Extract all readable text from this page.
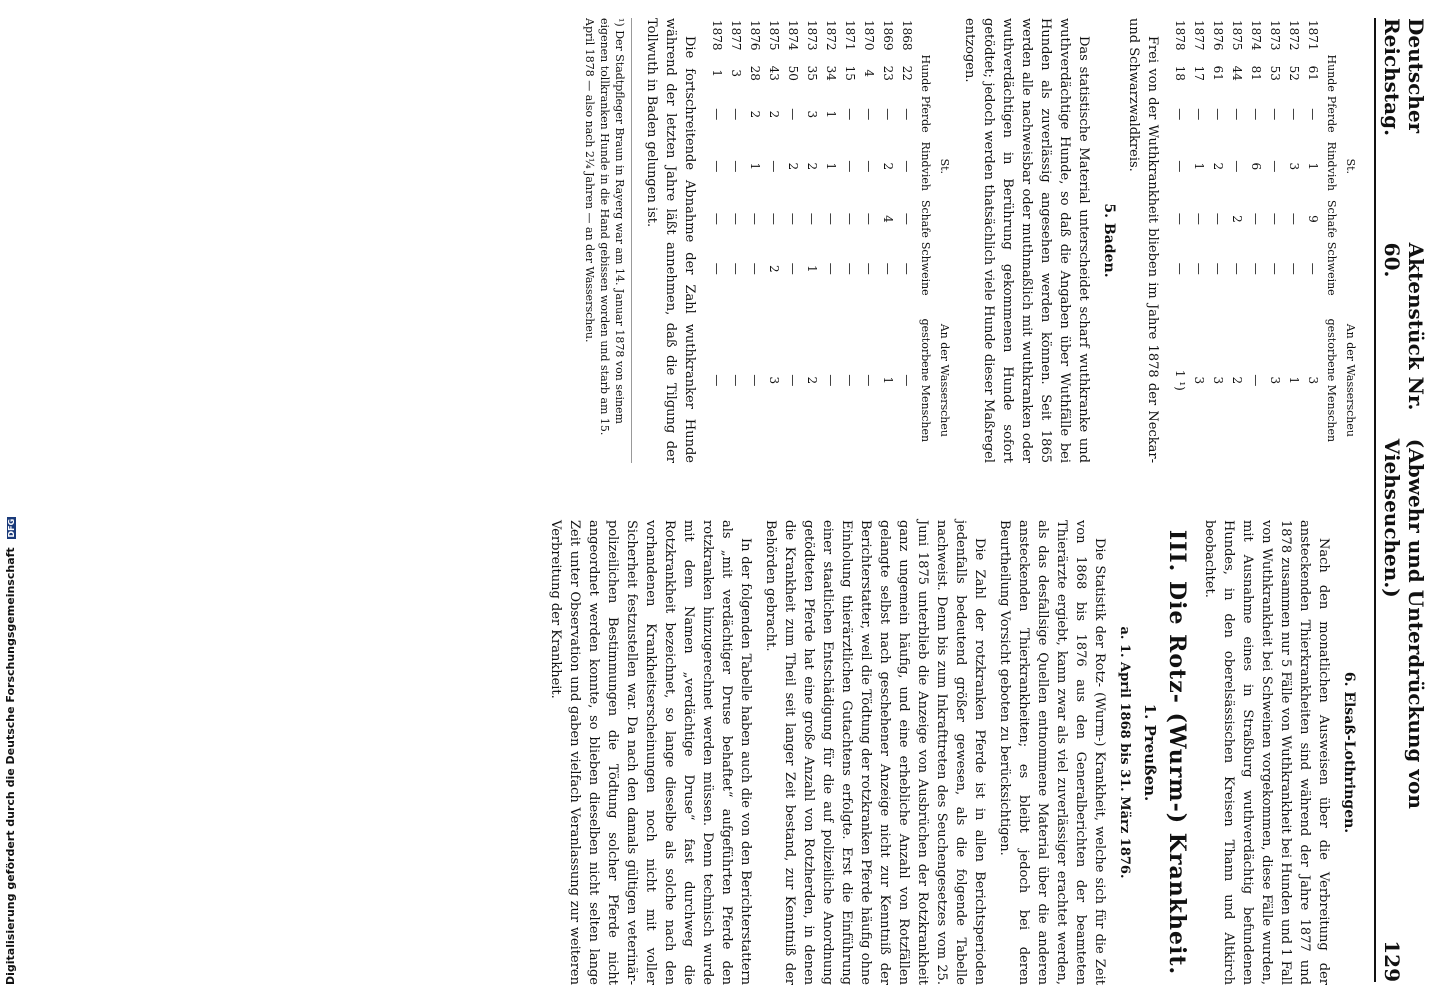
Digitalisierung gefördert durch die Deutsche Forschungsgemeinschaft DFG
Deutscher Reichstag.
Aktenstück Nr. 60.
(Abwehr und Unterdrückung von Viehseuchen.)
129
	Hunde	Pferde	St. Rindvieh	Schafe	Schweine	An der Wasserscheu gestorbene Menschen
1871	61	—	1	9	—	3
1872	52	—	3	—	—	1
1873	53	—	—	—	—	3
1874	81	—	6	—	—	—
1875	44	—	—	2	—	2
1876	61	—	2	—	—	3
1877	17	—	1	—	—	3
1878	18	—	—	—	—	1 ¹)

Frei von der Wuthkrankheit blieben im Jahre 1878 der Neckar- und Schwarzwaldkreis.

5. Baden.

Das statistische Material unterscheidet scharf wuthkranke und wuthverdächtige Hunde, so daß die Angaben über Wuthfälle bei Hunden als zuverlässig angesehen werden können. Seit 1865 werden alle nachweisbar oder muthmaßlich mit wuthkranken oder wuthverdächtigen in Berührung gekommenen Hunde sofort getödtet; jedoch werden thatsächlich viele Hunde dieser Maßregel entzogen.

	Hunde	Pferde	St. Rindvieh	Schafe	Schweine	An der Wasserscheu gestorbene Menschen
1868	22	—	—	—	—	—
1869	23	—	2	4	—	1
1870	4	—	—	—	—	—
1871	15	—	—	—	—	—
1872	34	1	1	—	—	—
1873	35	3	2	—	1	2
1874	50	—	2	—	—	—
1875	43	2	—	—	2	3
1876	28	2	1	—	—	—
1877	3	—	—	—	—	—
1878	1	—	—	—	—	—

Die fortschreitende Abnahme der Zahl wuthkranker Hunde während der letzten Jahre läßt annehmen, daß die Tilgung der Tollwuth in Baden gelungen ist.

¹) Der Stadtpfleger Braun in Rayerg war am 14. Januar 1878 von seinem eigenen tollkranken Hunde in die Hand gebissen worden und starb am 15. April 1878 — also nach 2¼ Jahren — an der Wasserscheu.
6. Elsaß-Lothringen.

Nach den monatlichen Ausweisen über die Verbreitung der ansteckenden Thierkrankheiten sind während der Jahre 1877 und 1878 zusammen nur 5 Fälle von Wuthkrankheit bei Hunden und 1 Fall von Wuthkrankheit bei Schweinen vorgekommen, diese Fälle wurden, mit Ausnahme eines in Straßburg wuthverdächtig befundenen Hundes, in den oberelsässischen Kreisen Thann und Altkirch beobachtet.

III. Die Rotz- (Wurm-) Krankheit.
1. Preußen.
a. 1. April 1868 bis 31. März 1876.

Die Statistik der Rotz- (Wurm-) Krankheit, welche sich für die Zeit von 1868 bis 1876 aus den Generalberichten der beamteten Thierärzte ergiebt, kann zwar als viel zuverlässiger erachtet werden, als das desfallsige Quellen entnommene Material über die anderen ansteckenden Thierkrankheiten; es bleibt jedoch bei deren Beurtheilung Vorsicht geboten zu berücksichtigen.

Die Zahl der rotzkranken Pferde ist in allen Berichtsperioden jedenfalls bedeutend größer gewesen, als die folgende Tabelle nachweist. Denn bis zum Inkrafttreten des Seuchengesetzes vom 25. Juni 1875 unterblieb die Anzeige von Ausbrüchen der Rotzkrankheit ganz ungemein häufig, und eine erhebliche Anzahl von Rotzfällen gelangte selbst nach geschehener Anzeige nicht zur Kenntniß der Berichterstatter, weil die Tödtung der rotzkranken Pferde häufig ohne Einholung thierärztlichen Gutachtens erfolgte. Erst die Einführung einer staatlichen Entschädigung für die auf polizeiliche Anordnung getödteten Pferde hat eine große Anzahl von Rotzherden, in denen die Krankheit zum Theil seit langer Zeit bestand, zur Kenntniß der Behörden gebracht.

In der folgenden Tabelle haben auch die von den Berichterstattern als „mit verdächtiger Druse behaftet“ aufgeführten Pferde den rotzkranken hinzugerechnet werden müssen. Denn technisch wurde mit dem Namen „verdächtige Druse“ fast durchweg die Rotzkrankheit bezeichnet, so lange dieselbe als solche nach den vorhandenen Krankheitserscheinungen noch nicht mit voller Sicherheit festzustellen war. Da nach den damals gültigen veterinär-polizeilichen Bestimmungen die Tödtung solcher Pferde nicht angeordnet werden konnte, so blieben dieselben nicht selten lange Zeit unter Observation und gaben vielfach Veranlassung zur weiteren Verbreitung der Krankheit.
